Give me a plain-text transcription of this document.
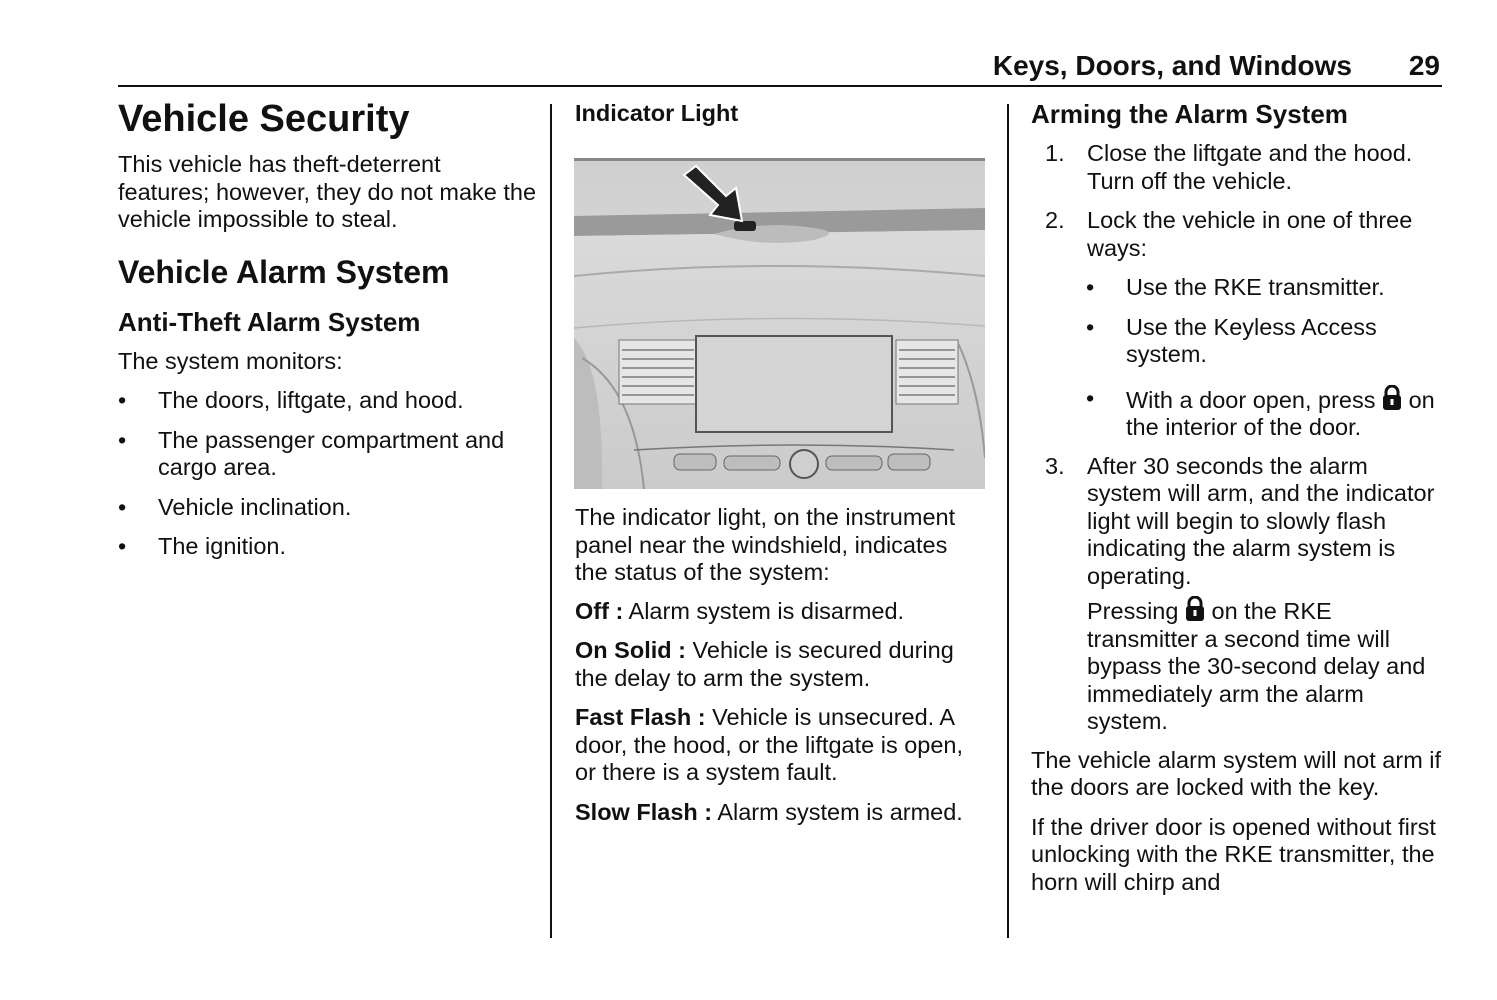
Keys, Doors, and Windows	29
Vehicle Security

This vehicle has theft-deterrent features; however, they do not make the vehicle impossible to steal.

Vehicle Alarm System
Anti-Theft Alarm System

The system monitors:

• The doors, liftgate, and hood.

• The passenger compartment and cargo area.

• Vehicle inclination.

• The ignition.

Indicator Light

The indicator light, on the instrument panel near the windshield, indicates the status of the system:

Off : Alarm system is disarmed.

On Solid : Vehicle is secured during the delay to arm the system.

Fast Flash : Vehicle is unsecured. A door, the hood, or the liftgate is open, or there is a system fault.

Slow Flash : Alarm system is armed.

Arming the Alarm System
1. Close the liftgate and the hood. Turn off the vehicle.
2. Lock the vehicle in one of three ways:

• Use the RKE transmitter.

• Use the Keyless Access system.

• With a door open, press on the interior of the door.

3. After 30 seconds the alarm system will arm, and the indicator light will begin to slowly flash indicating the alarm system is operating.

Pressing on the RKE transmitter a second time will bypass the 30-second delay and immediately arm the alarm system.

The vehicle alarm system will not arm if the doors are locked with the key.

If the driver door is opened without first unlocking with the RKE transmitter, the horn will chirp and
